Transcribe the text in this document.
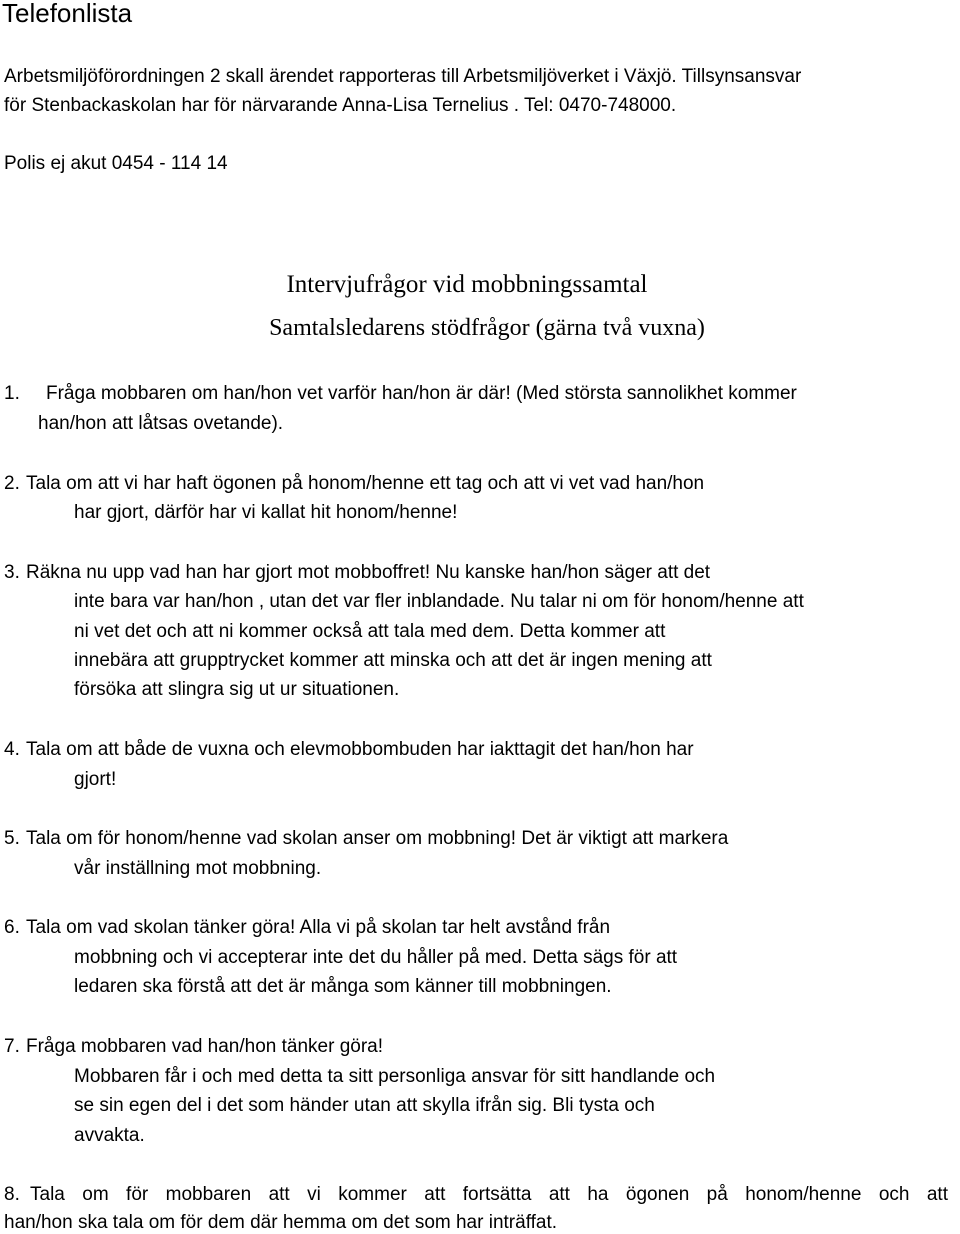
Telefonlista
Arbetsmiljöförordningen 2 skall ärendet rapporteras till Arbetsmiljöverket i Växjö. Tillsynsansvar
för Stenbackaskolan har för närvarande Anna-Lisa Ternelius . Tel: 0470-748000.
Polis ej akut 0454 - 114 14
Intervjufrågor vid mobbningssamtal
Samtalsledarens stödfrågor (gärna två vuxna)
1. Fråga mobbaren om han/hon vet varför han/hon är där! (Med största sannolikhet kommer
han/hon att låtsas ovetande).
2. Tala om att vi har haft ögonen på honom/henne ett tag och att vi vet vad han/hon
har gjort, därför har vi kallat hit honom/henne!
3. Räkna nu upp vad han har gjort mot mobboffret! Nu kanske han/hon säger att det
inte bara var han/hon , utan det var fler inblandade. Nu talar ni om för honom/henne att
ni vet det och att ni kommer också att tala med dem. Detta kommer att
innebära att grupptrycket kommer att minska och att det är ingen mening att
försöka att slingra sig ut ur situationen.
4. Tala om att både de vuxna och elevmobbombuden har iakttagit det han/hon har
gjort!
5. Tala om för honom/henne vad skolan anser om mobbning! Det är viktigt att markera
vår inställning mot mobbning.
6. Tala om vad skolan tänker göra! Alla vi på skolan tar helt avstånd från
mobbning och vi accepterar inte det du håller på med. Detta sägs för att
ledaren ska förstå att det är många som känner till mobbningen.
7. Fråga mobbaren vad han/hon tänker göra!
Mobbaren får i och med detta ta sitt personliga ansvar för sitt handlande och
se sin egen del i det som händer utan att skylla ifrån sig. Bli tysta och
avvakta.
8. Tala om för mobbaren att vi kommer att fortsätta att ha ögonen på honom/henne och att
han/hon ska tala om för dem där hemma om det som har inträffat.
